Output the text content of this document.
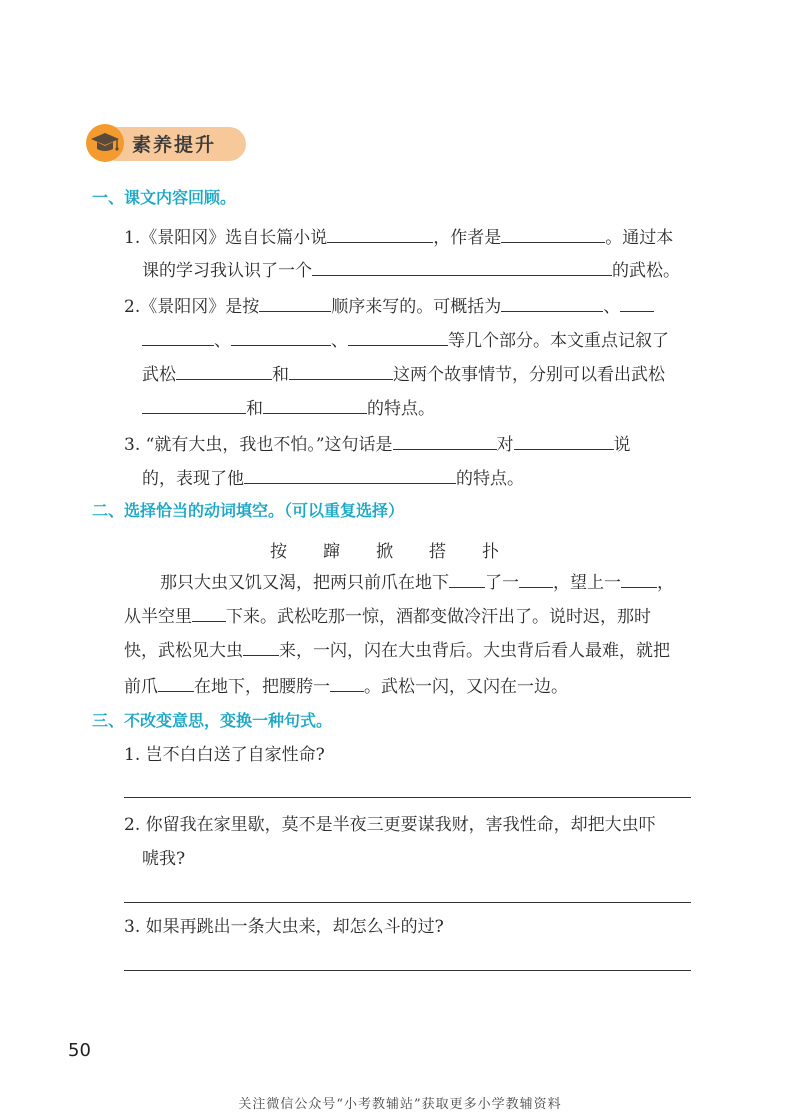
素养提升
一、课文内容回顾。
1.《景阳冈》选自长篇小说	，作者是	。通过本
课的学习我认识了一个	的武松。
2.《景阳冈》是按	顺序来写的。可概括为	、
、	、	等几个部分。本文重点记叙了
武松	和	这两个故事情节，分别可以看出武松
和	的特点。
3. “就有大虫，我也不怕。”这句话是	对	说
的，表现了他	的特点。
二、选择恰当的动词填空。（可以重复选择）
按 蹿 掀 搭 扑
那只大虫又饥又渴，把两只前爪在地下 了一 ，望上一 ，
从半空里 下来。武松吃那一惊，酒都变做冷汗出了。说时迟，那时
快，武松见大虫 来，一闪，闪在大虫背后。大虫背后看人最难，就把
前爪 在地下，把腰胯一 。武松一闪，又闪在一边。
三、不改变意思，变换一种句式。
1. 岂不白白送了自家性命?
2. 你留我在家里歇，莫不是半夜三更要谋我财，害我性命，却把大虫吓
唬我?
3. 如果再跳出一条大虫来，却怎么斗的过?
50
关注微信公众号“小考教辅站”获取更多小学教辅资料
